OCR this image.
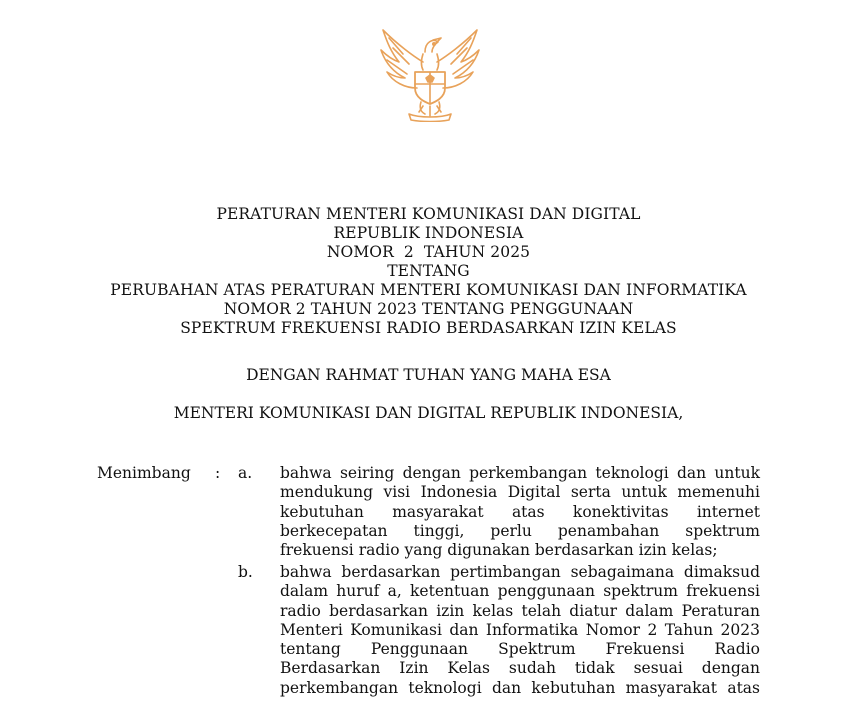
PERATURAN MENTERI KOMUNIKASI DAN DIGITAL
REPUBLIK INDONESIA
NOMOR  2  TAHUN 2025
TENTANG
PERUBAHAN ATAS PERATURAN MENTERI KOMUNIKASI DAN INFORMATIKA
NOMOR 2 TAHUN 2023 TENTANG PENGGUNAAN
SPEKTRUM FREKUENSI RADIO BERDASARKAN IZIN KELAS
DENGAN RAHMAT TUHAN YANG MAHA ESA
MENTERI KOMUNIKASI DAN DIGITAL REPUBLIK INDONESIA,
Menimbang : a. bahwa seiring dengan perkembangan teknologi dan untuk
mendukung visi Indonesia Digital serta untuk memenuhi
kebutuhan masyarakat atas konektivitas internet
berkecepatan tinggi, perlu penambahan spektrum
frekuensi radio yang digunakan berdasarkan izin kelas;
b. bahwa berdasarkan pertimbangan sebagaimana dimaksud
dalam huruf a, ketentuan penggunaan spektrum frekuensi
radio berdasarkan izin kelas telah diatur dalam Peraturan
Menteri Komunikasi dan Informatika Nomor 2 Tahun 2023
tentang Penggunaan Spektrum Frekuensi Radio
Berdasarkan Izin Kelas sudah tidak sesuai dengan
perkembangan teknologi dan kebutuhan masyarakat atas
